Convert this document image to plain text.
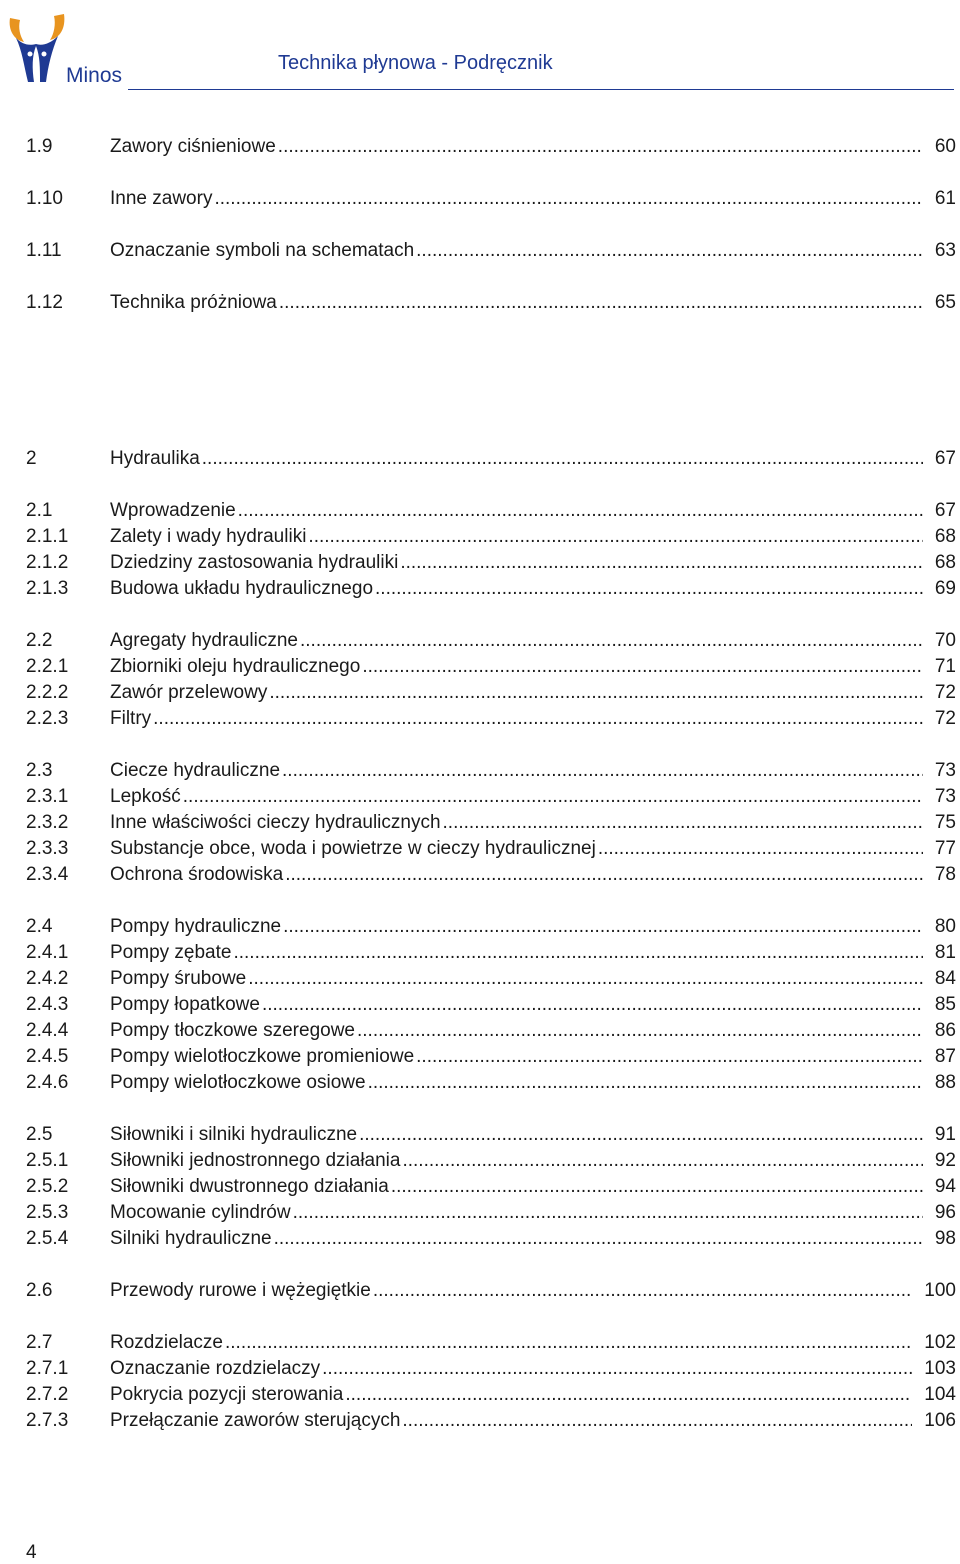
Minos
Technika płynowa - Podręcznik
1.9	Zawory ciśnieniowe .....	60
1.10	Inne zawory .....	61
1.11	Oznaczanie symboli na schematach .....	63
1.12	Technika próżniowa .....	65
2	Hydraulika .....	67
2.1	Wprowadzenie .....	67
2.1.1	Zalety i wady hydrauliki .....	68
2.1.2	Dziedziny zastosowania hydrauliki .....	68
2.1.3	Budowa układu hydraulicznego .....	69
2.2	Agregaty hydrauliczne .....	70
2.2.1	Zbiorniki oleju hydraulicznego .....	71
2.2.2	Zawór przelewowy .....	72
2.2.3	Filtry .....	72
2.3	Ciecze hydrauliczne .....	73
2.3.1	Lepkość .....	73
2.3.2	Inne właściwości cieczy hydraulicznych .....	75
2.3.3	Substancje obce, woda i powietrze w cieczy hydraulicznej .....	77
2.3.4	Ochrona środowiska .....	78
2.4	Pompy hydrauliczne .....	80
2.4.1	Pompy zębate .....	81
2.4.2	Pompy śrubowe .....	84
2.4.3	Pompy łopatkowe .....	85
2.4.4	Pompy tłoczkowe szeregowe .....	86
2.4.5	Pompy wielotłoczkowe promieniowe .....	87
2.4.6	Pompy wielotłoczkowe osiowe .....	88
2.5	Siłowniki i silniki hydrauliczne .....	91
2.5.1	Siłowniki jednostronnego działania .....	92
2.5.2	Siłowniki dwustronnego działania .....	94
2.5.3	Mocowanie cylindrów .....	96
2.5.4	Silniki hydrauliczne .....	98
2.6	Przewody rurowe i wężegiętkie .....	100
2.7	Rozdzielacze .....	102
2.7.1	Oznaczanie rozdzielaczy .....	103
2.7.2	Pokrycia pozycji sterowania .....	104
2.7.3	Przełączanie zaworów sterujących .....	106
4
